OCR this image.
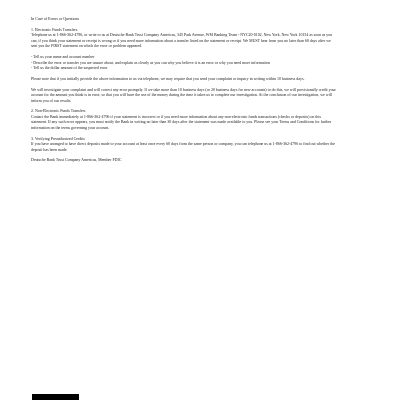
In Case of Errors or Questions

1. Electronic Funds Transfers

Telephone us at 1-866-362-4796, or write to us at Deutsche Bank Trust Company Americas, 345 Park Avenue, WM Banking Team - NYC20-0102, New York, New York 10154 as soon as you can, if you think your statement or receipt is wrong or if you need more information about a transfer listed on the statement or receipt. We MUST hear from you no later than 60 days after we sent you the FIRST statement on which the error or problem appeared.

- Tell us your name and account number
- Describe the error or transfer you are unsure about, and explain as clearly as you can why you believe it is an error or why you need more information
- Tell us the dollar amount of the suspected error

Please note that if you initially provide the above information to us via telephone, we may require that you send your complaint or inquiry in writing within 10 business days.

We will investigate your complaint and will correct any error promptly. If we take more than 10 business days (or 20 business days for new accounts) to do this, we will provisionally credit your account for the amount you think is in error, so that you will have the use of the money during the time it takes us to complete our investigation. At the conclusion of our investigation, we will inform you of our results.

2. Non-Electronic Funds Transfers

Contact the Bank immediately at 1-866-362-4796 if your statement is incorrect or if you need more information about any non-electronic funds transactions (checks or deposits) on this statement. If any such error appears, you must notify the Bank in writing no later than 30 days after the statement was made available to you. Please see your Terms and Conditions for further information on the terms governing your account.

3. Verifying Preauthorized Credits

If you have arranged to have direct deposits made to your account at least once every 60 days from the same person or company, you can telephone us at 1-866-362-4796 to find out whether the deposit has been made.

Deutsche Bank Trust Company Americas, Member FDIC
